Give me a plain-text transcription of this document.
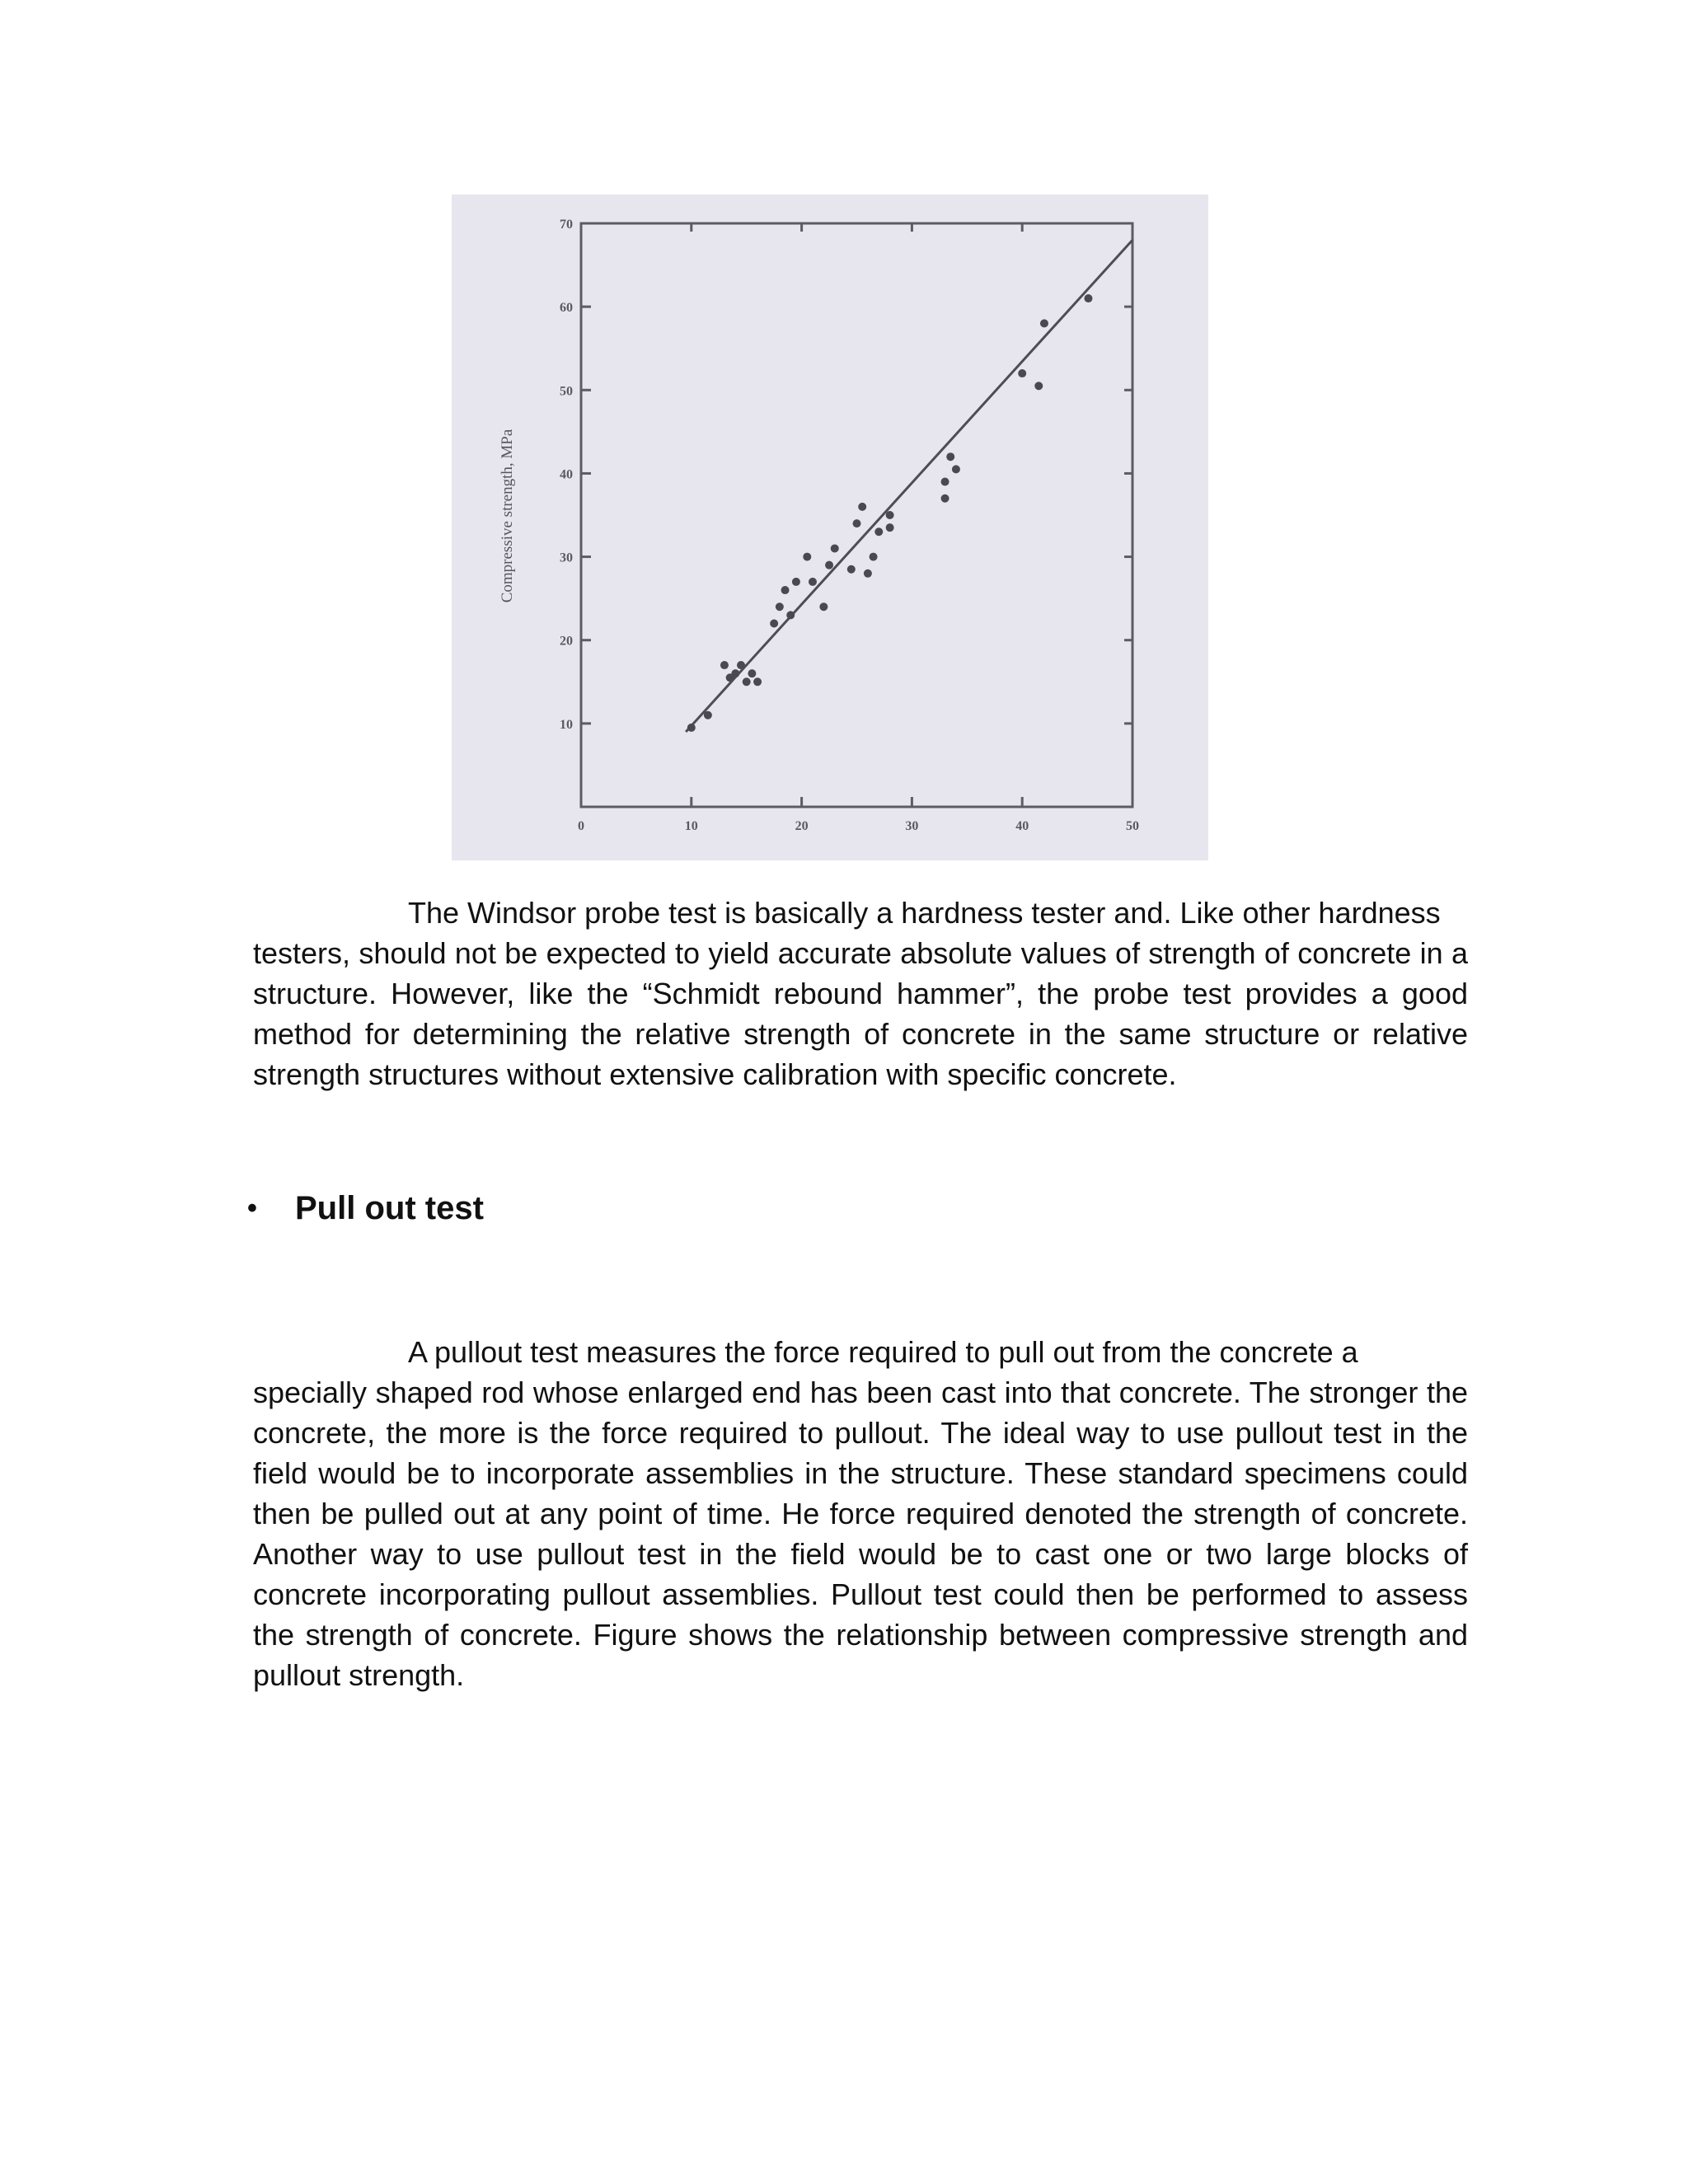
10
20
30
40
50
60
70
0	10	20	30	40	50
Compressive strength, MPa
The Windsor probe test is basically a hardness tester and. Like other hardness
testers, should not be expected to yield accurate absolute values of strength of concrete in a structure. However, like the “Schmidt rebound hammer”, the probe test provides a good method for determining the relative strength of concrete in the same structure or relative strength structures without extensive calibration with specific concrete.
•	Pull out test
A pullout test measures the force required to pull out from the concrete a
specially shaped rod whose enlarged end has been cast into that concrete. The stronger the concrete, the more is the force required to pullout. The ideal way to use pullout test in the field would be to incorporate assemblies in the structure. These standard specimens could then be pulled out at any point of time. He force required denoted the strength of concrete. Another way to use pullout test in the field would be to cast one or two large blocks of concrete incorporating pullout assemblies. Pullout test could then be performed to assess the strength of concrete. Figure shows the relationship between compressive strength and pullout strength.
